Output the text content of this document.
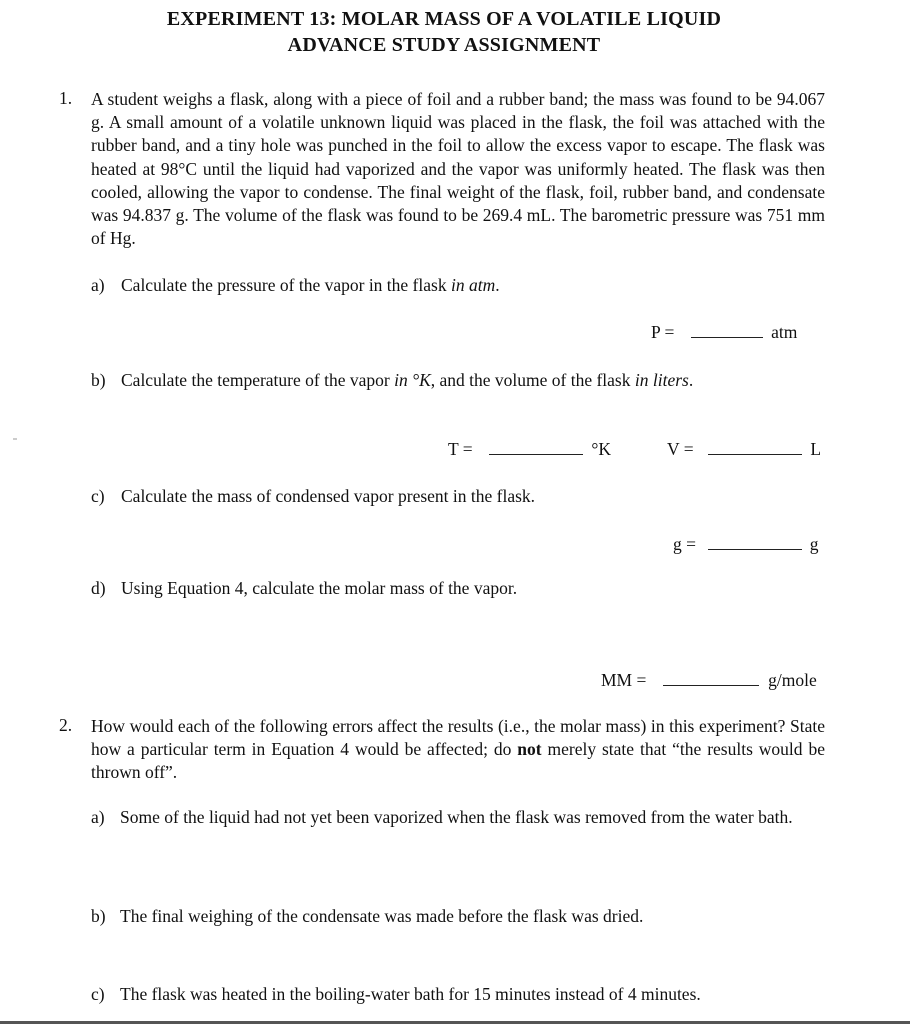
EXPERIMENT 13: MOLAR MASS OF A VOLATILE LIQUID
ADVANCE STUDY ASSIGNMENT
1. A student weighs a flask, along with a piece of foil and a rubber band; the mass was found to be 94.067 g. A small amount of a volatile unknown liquid was placed in the flask, the foil was attached with the rubber band, and a tiny hole was punched in the foil to allow the excess vapor to escape. The flask was heated at 98°C until the liquid had vaporized and the vapor was uniformly heated. The flask was then cooled, allowing the vapor to condense. The final weight of the flask, foil, rubber band, and condensate was 94.837 g. The volume of the flask was found to be 269.4 mL. The barometric pressure was 751 mm of Hg.

a) Calculate the pressure of the vapor in the flask in atm.
P =	atm
b) Calculate the temperature of the vapor in °K, and the volume of the flask in liters.
T =	°K	V =	L
c) Calculate the mass of condensed vapor present in the flask.
g =	g
d) Using Equation 4, calculate the molar mass of the vapor.
MM =	g/mole
2. How would each of the following errors affect the results (i.e., the molar mass) in this experiment? State how a particular term in Equation 4 would be affected; do not merely state that “the results would be thrown off”.

a) Some of the liquid had not yet been vaporized when the flask was removed from the water bath.
b) The final weighing of the condensate was made before the flask was dried.
c) The flask was heated in the boiling-water bath for 15 minutes instead of 4 minutes.
